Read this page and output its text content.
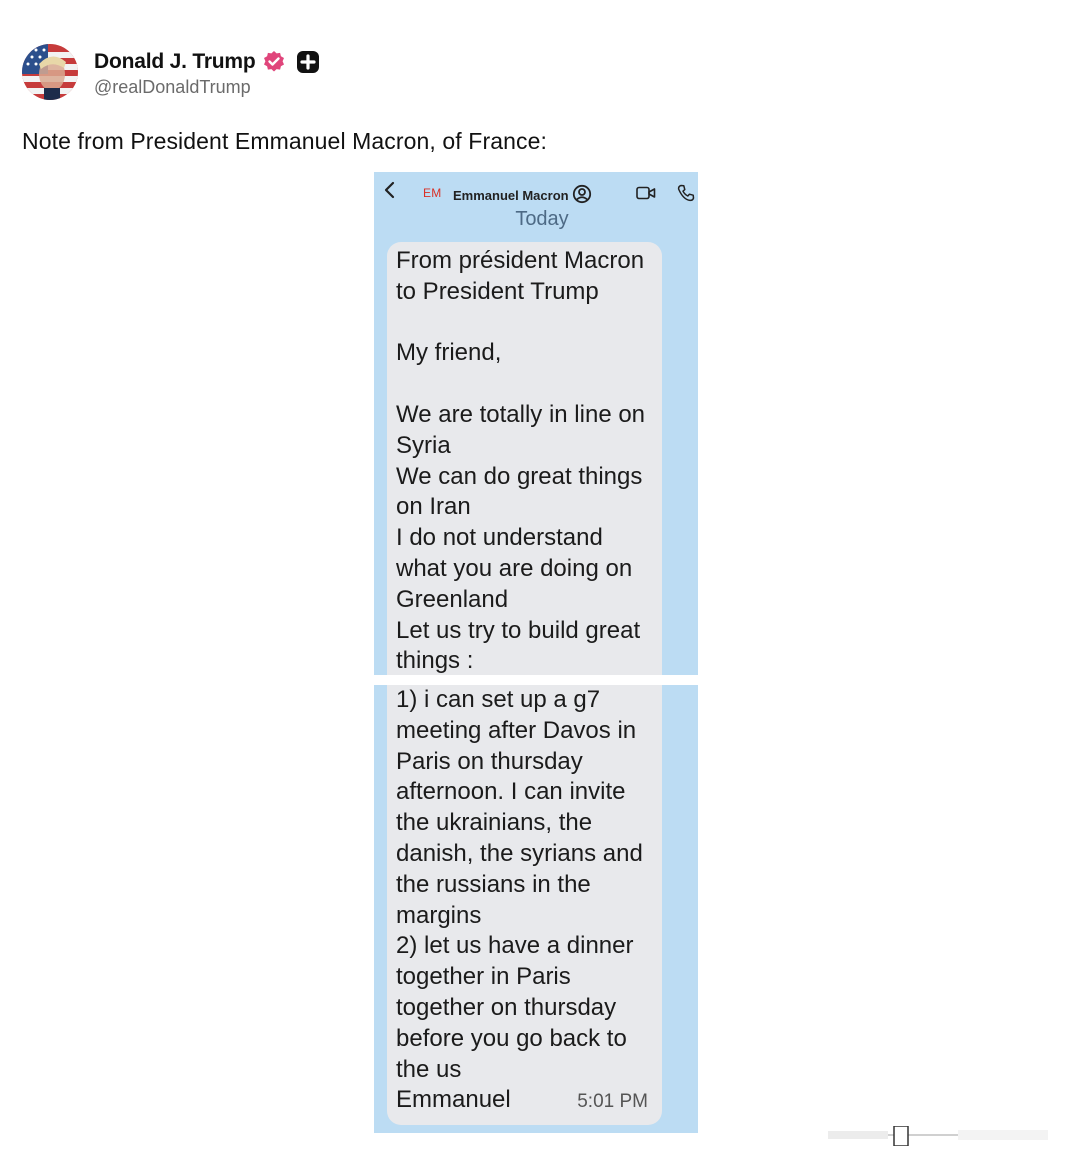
Donald J. Trump
@realDonaldTrump
Note from President Emmanuel Macron, of France:
EM Emmanuel Macron
Today
From président Macron
to President Trump
My friend,
We are totally in line on
Syria
We can do great things
on Iran
I do not understand
what you are doing on
Greenland
Let us try to build great
things :
1) i can set up a g7
meeting after Davos in
Paris on thursday
afternoon. I can invite
the ukrainians, the
danish, the syrians and
the russians in the
margins
2) let us have a dinner
together in Paris
together on thursday
before you go back to
the us
Emmanuel	5:01 PM
